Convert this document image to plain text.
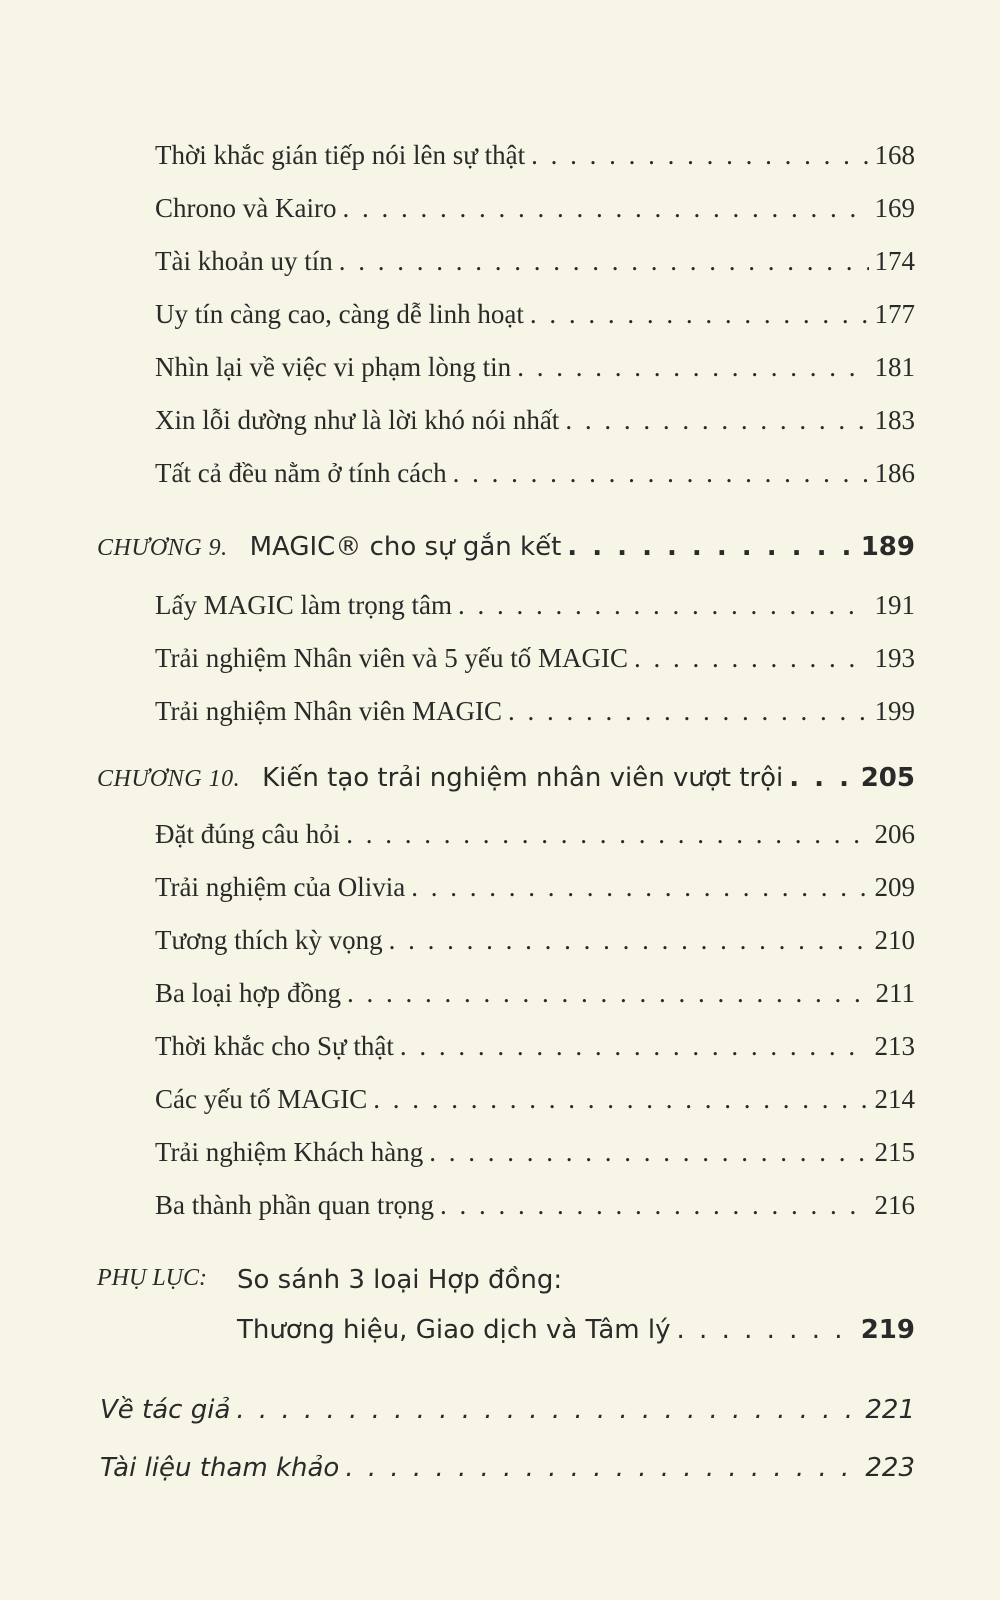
Thời khắc gián tiếp nói lên sự thật . . .	168
Chrono và Kairo . . .	169
Tài khoản uy tín . . .	174
Uy tín càng cao, càng dễ linh hoạt . . .	177
Nhìn lại về việc vi phạm lòng tin . . .	181
Xin lỗi dường như là lời khó nói nhất . . .	183
Tất cả đều nằm ở tính cách . . .	186
CHƯƠNG 9. MAGIC® cho sự gắn kết . . .	189
Lấy MAGIC làm trọng tâm . . .	191
Trải nghiệm Nhân viên và 5 yếu tố MAGIC . . .	193
Trải nghiệm Nhân viên MAGIC . . .	199
CHƯƠNG 10. Kiến tạo trải nghiệm nhân viên vượt trội . . .	205
Đặt đúng câu hỏi . . .	206
Trải nghiệm của Olivia . . .	209
Tương thích kỳ vọng . . .	210
Ba loại hợp đồng . . .	211
Thời khắc cho Sự thật . . .	213
Các yếu tố MAGIC . . .	214
Trải nghiệm Khách hàng . . .	215
Ba thành phần quan trọng . . .	216
PHỤ LỤC: So sánh 3 loại Hợp đồng:
Thương hiệu, Giao dịch và Tâm lý . . .	219
Về tác giả . . .	221
Tài liệu tham khảo . . .	223
